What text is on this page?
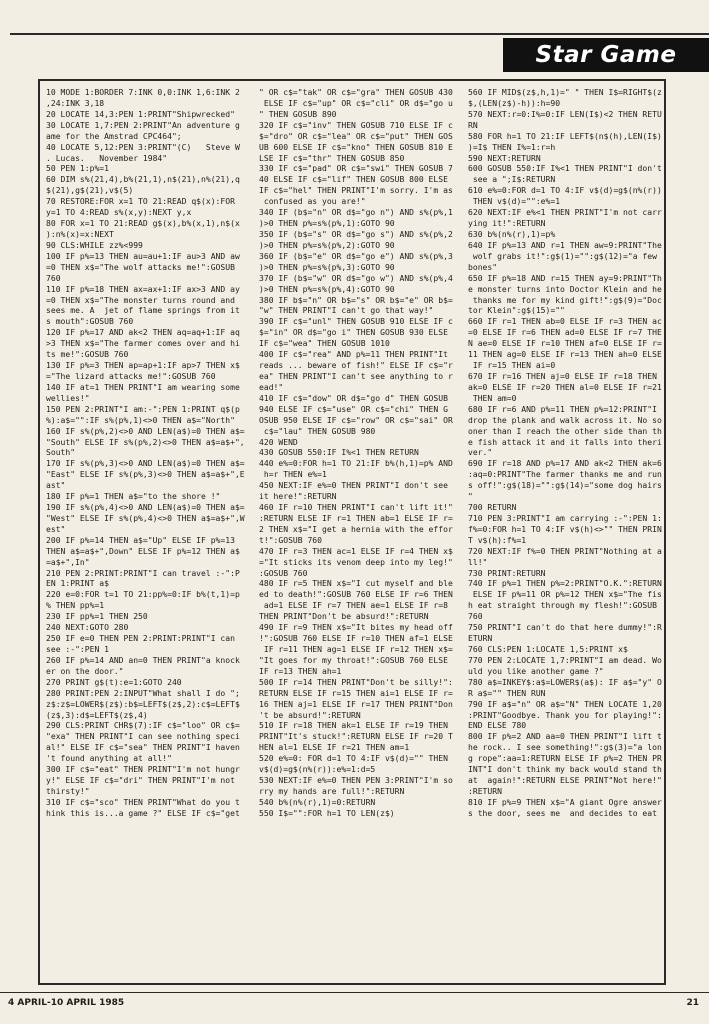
Star Game
10 MODE 1:BORDER 7:INK 0,0:INK 1,6:INK 2
,24:INK 3,18
20 LOCATE 14,3:PEN 1:PRINT"Shipwrecked"
30 LOCATE 1,7:PEN 2:PRINT"An adventure g
ame for the Amstrad CPC464";
40 LOCATE 5,12:PEN 3:PRINT"(C)   Steve W
. Lucas.   November 1984"
50 PEN 1:p%=1
60 DIM s%(21,4),b%(21,1),n$(21),n%(21),q
$(21),g$(21),v$(5)
70 RESTORE:FOR x=1 TO 21:READ q$(x):FOR
y=1 TO 4:READ s%(x,y):NEXT y,x
80 FOR x=1 TO 21:READ g$(x),b%(x,1),n$(x
):n%(x)=x:NEXT
90 CLS:WHILE zz%<999
100 IF p%=13 THEN au=au+1:IF au>3 AND aw
=0 THEN x$="The wolf attacks me!":GOSUB
760
110 IF p%=18 THEN ax=ax+1:IF ax>3 AND ay
=0 THEN x$="The monster turns round and
sees me. A  jet of flame springs from it
s mouth":GOSUB 760
120 IF p%=17 AND ak<2 THEN aq=aq+1:IF aq
>3 THEN x$="The farmer comes over and hi
ts me!":GOSUB 760
130 IF p%=3 THEN ap=ap+1:IF ap>7 THEN x$
="The lizard attacks me!":GOSUB 760
140 IF at=1 THEN PRINT"I am wearing some
wellies!"
150 PEN 2:PRINT"I am:-":PEN 1:PRINT q$(p
%):a$="":IF s%(p%,1)<>0 THEN a$="North"
160 IF s%(p%,2)<>0 AND LEN(a$)=0 THEN a$=
"South" ELSE IF s%(p%,2)<>0 THEN a$=a$+",
South"
170 IF s%(p%,3)<>0 AND LEN(a$)=0 THEN a$=
"East" ELSE IF s%(p%,3)<>0 THEN a$=a$+",E
ast"
180 IF p%=1 THEN a$="to the shore !"
190 IF s%(p%,4)<>0 AND LEN(a$)=0 THEN a$=
"West" ELSE IF s%(p%,4)<>0 THEN a$=a$+",W
est"
200 IF p%=14 THEN a$="Up" ELSE IF p%=13
THEN a$=a$+",Down" ELSE IF p%=12 THEN a$
=a$+",In"
210 PEN 2:PRINT:PRINT"I can travel :-":P
EN 1:PRINT a$
220 e=0:FOR t=1 TO 21:pp%=0:IF b%(t,1)=p
% THEN pp%=1
230 IF pp%=1 THEN 250
240 NEXT:GOTO 280
250 IF e=0 THEN PEN 2:PRINT:PRINT"I can
see :-":PEN 1
260 IF p%=14 AND an=0 THEN PRINT"a knock
er on the door."
270 PRINT g$(t):e=1:GOTO 240
280 PRINT:PEN 2:INPUT"What shall I do ";
z$:z$=LOWER$(z$):b$=LEFT$(z$,2):c$=LEFT$
(z$,3):d$=LEFT$(z$,4)
290 CLS:PRINT CHR$(7):IF c$="loo" OR c$=
"exa" THEN PRINT"I can see nothing speci
al!" ELSE IF c$="sea" THEN PRINT"I haven
't found anything at all!"
300 IF c$="eat" THEN PRINT"I'm not hungr
y!" ELSE IF c$="dri" THEN PRINT"I'm not
thirsty!"
310 IF c$="sco" THEN PRINT"What do you t
hink this is...a game ?" ELSE IF c$="get
" OR c$="tak" OR c$="gra" THEN GOSUB 430
ELSE IF c$="up" OR c$="cli" OR d$="go u
" THEN GOSUB 890
320 IF c$="inv" THEN GOSUB 710 ELSE IF c
$="dro" OR c$="lea" OR c$="put" THEN GOS
UB 600 ELSE IF c$="kno" THEN GOSUB 810 E
LSE IF c$="thr" THEN GOSUB 850
330 IF c$="pad" OR c$="swi" THEN GOSUB 7
40 ELSE IF c$="lif" THEN GOSUB 800 ELSE
IF c$="hel" THEN PRINT"I'm sorry. I'm as
confused as you are!"
340 IF (b$="n" OR d$="go n") AND s%(p%,1
)>0 THEN p%=s%(p%,1):GOTO 90
350 IF (b$="s" OR d$="go s") AND s%(p%,2
)>0 THEN p%=s%(p%,2):GOTO 90
360 IF (b$="e" OR d$="go e") AND s%(p%,3
)>0 THEN p%=s%(p%,3):GOTO 90
370 IF (b$="w" OR d$="go w") AND s%(p%,4
)>0 THEN p%=s%(p%,4):GOTO 90
380 IF b$="n" OR b$="s" OR b$="e" OR b$=
"w" THEN PRINT"I can't go that way!"
390 IF c$="unl" THEN GOSUB 910 ELSE IF c
$="in" OR d$="go i" THEN GOSUB 930 ELSE
IF c$="wea" THEN GOSUB 1010
400 IF c$="rea" AND p%=11 THEN PRINT"It
reads ... beware of fish!" ELSE IF c$="r
ea" THEN PRINT"I can't see anything to r
ead!"
410 IF c$="dow" OR d$="go d" THEN GOSUB
940 ELSE IF c$="use" OR c$="chi" THEN G
OSUB 950 ELSE IF c$="row" OR c$="sai" OR
c$="lau" THEN GOSUB 980
420 WEND
430 GOSUB 550:IF I%<1 THEN RETURN
440 e%=0:FOR h=1 TO 21:IF b%(h,1)=p% AND
h=r THEN e%=1
450 NEXT:IF e%=0 THEN PRINT"I don't see
it here!":RETURN
460 IF r=10 THEN PRINT"I can't lift it!"
:RETURN ELSE IF r=1 THEN ab=1 ELSE IF r=
2 THEN x$="I get a hernia with the effor
t!":GOSUB 760
470 IF r=3 THEN ac=1 ELSE IF r=4 THEN x$
="It sticks its venom deep into my leg!"
:GOSUB 760
480 IF r=5 THEN x$="I cut myself and ble
ed to death!":GOSUB 760 ELSE IF r=6 THEN
ad=1 ELSE IF r=7 THEN ae=1 ELSE IF r=8
THEN PRINT"Don't be absurd!":RETURN
490 IF r=9 THEN x$="It bites my head off
!":GOSUB 760 ELSE IF r=10 THEN af=1 ELSE
IF r=11 THEN ag=1 ELSE IF r=12 THEN x$=
"It goes for my throat!":GOSUB 760 ELSE
IF r=13 THEN ah=1
500 IF r=14 THEN PRINT"Don't be silly!":
RETURN ELSE IF r=15 THEN ai=1 ELSE IF r=
16 THEN aj=1 ELSE IF r=17 THEN PRINT"Don
't be absurd!":RETURN
510 IF r=18 THEN ak=1 ELSE IF r=19 THEN
PRINT"It's stuck!":RETURN ELSE IF r=20 T
HEN al=1 ELSE IF r=21 THEN am=1
520 e%=0: FOR d=1 TO 4:IF v$(d)="" THEN
v$(d)=g$(n%(r)):e%=1:d=5
530 NEXT:IF e%=0 THEN PEN 3:PRINT"I'm so
rry my hands are full!":RETURN
540 b%(n%(r),1)=0:RETURN
550 I$="":FOR h=1 TO LEN(z$)
560 IF MID$(z$,h,1)=" " THEN I$=RIGHT$(z
$,(LEN(z$)-h)):h=90
570 NEXT:r=0:I%=0:IF LEN(I$)<2 THEN RETU
RN
580 FOR h=1 TO 21:IF LEFT$(n$(h),LEN(I$)
)=I$ THEN I%=1:r=h
590 NEXT:RETURN
600 GOSUB 550:IF I%<1 THEN PRINT"I don't
see a ";I$:RETURN
610 e%=0:FOR d=1 TO 4:IF v$(d)=g$(n%(r))
THEN v$(d)="":e%=1
620 NEXT:IF e%<1 THEN PRINT"I'm not carr
ying it!":RETURN
630 b%(n%(r),1)=p%
640 IF p%=13 AND r=1 THEN aw=9:PRINT"The
wolf grabs it!":g$(1)="":g$(12)="a few
bones"
650 IF p%=18 AND r=15 THEN ay=9:PRINT"Th
e monster turns into Doctor Klein and he
thanks me for my kind gift!":g$(9)="Doc
tor Klein":g$(15)=""
660 IF r=1 THEN ab=0 ELSE IF r=3 THEN ac
=0 ELSE IF r=6 THEN ad=0 ELSE IF r=7 THE
N ae=0 ELSE IF r=10 THEN af=0 ELSE IF r=
11 THEN ag=0 ELSE IF r=13 THEN ah=0 ELSE
IF r=15 THEN ai=0
670 IF r=16 THEN aj=0 ELSE IF r=18 THEN
ak=0 ELSE IF r=20 THEN al=0 ELSE IF r=21
THEN am=0
680 IF r=6 AND p%=11 THEN p%=12:PRINT"I
drop the plank and walk across it. No so
oner than I reach the other side than th
e fish attack it and it falls into theri
ver."
690 IF r=18 AND p%=17 AND ak<2 THEN ak=6
:aq=0:PRINT"The farmer thanks me and run
s off!":g$(18)="":g$(14)="some dog hairs
"
700 RETURN
710 PEN 3:PRINT"I am carrying :-":PEN 1:
f%=0:FOR h=1 TO 4:IF v$(h)<>"" THEN PRIN
T v$(h):f%=1
720 NEXT:IF f%=0 THEN PRINT"Nothing at a
ll!"
730 PRINT:RETURN
740 IF p%=1 THEN p%=2:PRINT"O.K.":RETURN
ELSE IF p%=11 OR p%=12 THEN x$="The fis
h eat straight through my flesh!":GOSUB
760
750 PRINT"I can't do that here dummy!":R
ETURN
760 CLS:PEN 1:LOCATE 1,5:PRINT x$
770 PEN 2:LOCATE 1,7:PRINT"I am dead. Wo
uld you like another game ?"
780 a$=INKEY$:a$=LOWER$(a$): IF a$="y" O
R a$="" THEN RUN
790 IF a$="n" OR a$="N" THEN LOCATE 1,20
:PRINT"Goodbye. Thank you for playing!":
END ELSE 780
800 IF p%=2 AND aa=0 THEN PRINT"I lift t
he rock.. I see something!":g$(3)="a lon
g rope":aa=1:RETURN ELSE IF p%=2 THEN PR
INT"I don't think my back would stand th
at  again!":RETURN ELSE PRINT"Not here!"
:RETURN
810 IF p%=9 THEN x$="A giant Ogre answer
s the door, sees me  and decides to eat
4 APRIL-10 APRIL 1985	21
